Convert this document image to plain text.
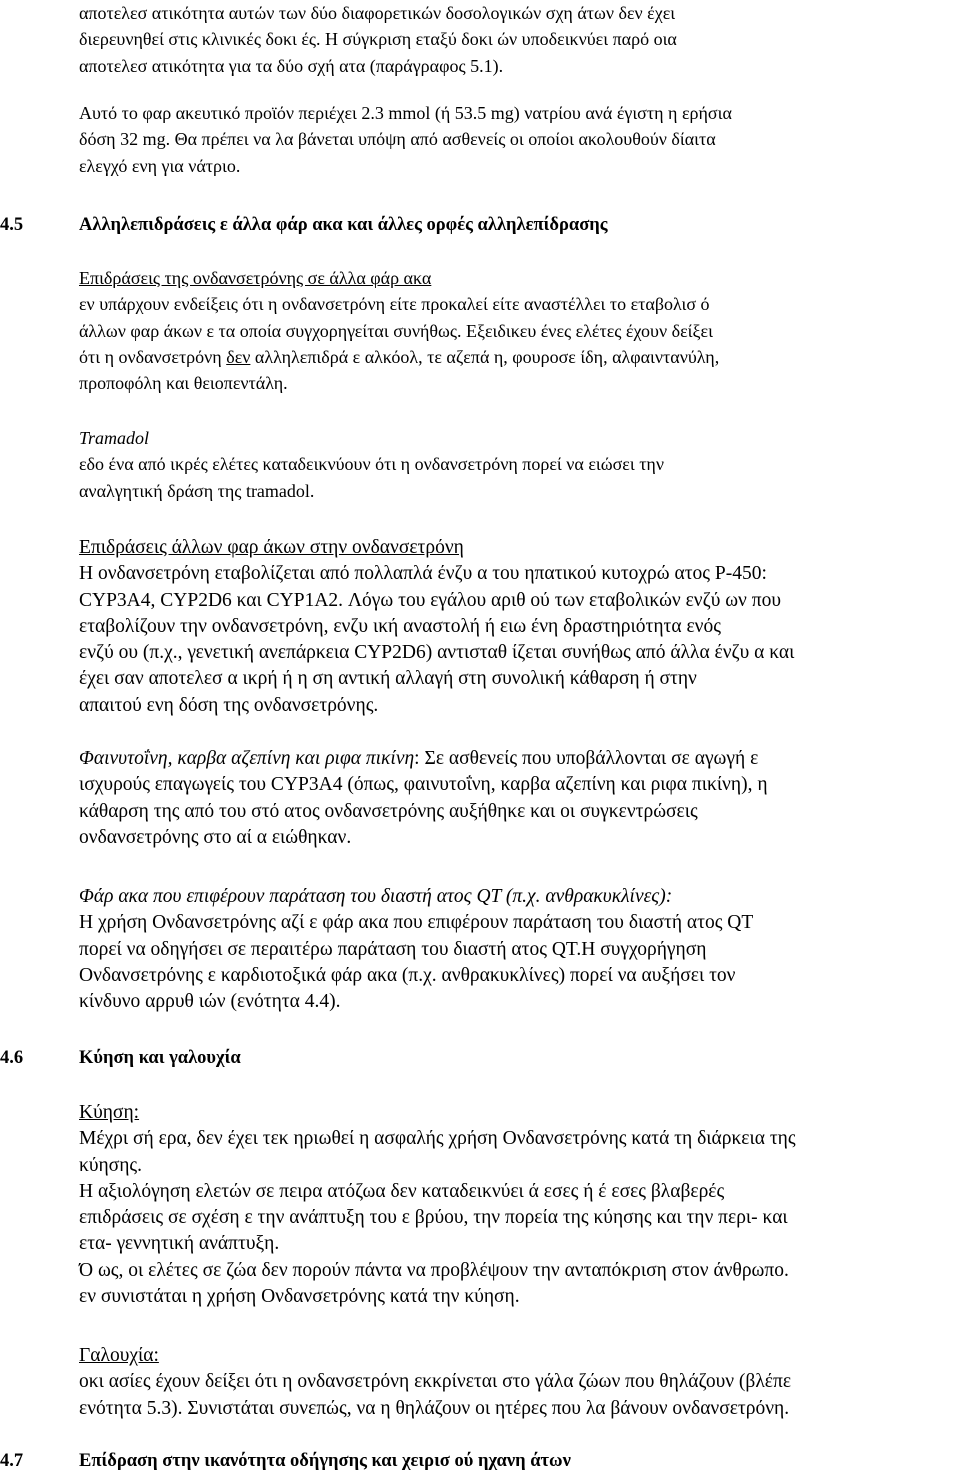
αποτελεσ ατικότητα αυτών των δύο διαφορετικών δοσολογικών σχη άτων δεν έχει
διερευνηθεί στις κλινικές δοκι ές. Η σύγκριση εταξύ δοκι ών υποδεικνύει παρό οια
αποτελεσ ατικότητα για τα δύο σχή ατα (παράγραφος 5.1).
Αυτό το φαρ ακευτικό προϊόν περιέχει 2.3 mmol (ή 53.5 mg) νατρίου ανά έγιστη η ερήσια
δόση 32 mg. Θα πρέπει να λα βάνεται υπόψη από ασθενείς οι οποίοι ακολουθούν δίαιτα
ελεγχό ενη για νάτριο.
4.5	Αλληλεπιδράσεις ε άλλα φάρ ακα και άλλες ορφές αλληλεπίδρασης
Επιδράσεις της ονδανσετρόνης σε άλλα φάρ ακα
εν υπάρχουν ενδείξεις ότι η ονδανσετρόνη είτε προκαλεί είτε αναστέλλει το εταβολισ ό
άλλων φαρ άκων ε τα οποία συγχορηγείται συνήθως. Εξειδικευ ένες ελέτες έχουν δείξει
ότι η ονδανσετρόνη δεν αλληλεπιδρά ε αλκόολ, τε αζεπά η, φουροσε ίδη, αλφαιντανύλη,
προποφόλη και θειοπεντάλη.
Tramadol
εδο ένα από ικρές ελέτες καταδεικνύουν ότι η ονδανσετρόνη πορεί να ειώσει την
αναλγητική δράση της tramadol.
Επιδράσεις άλλων φαρ άκων στην ονδανσετρόνη
Η ονδανσετρόνη εταβολίζεται από πολλαπλά ένζυ α του ηπατικού κυτοχρώ ατος P-450:
CYP3A4, CYP2D6 και CYP1A2. Λόγω του εγάλου αριθ ού των εταβολικών ενζύ ων που
εταβολίζουν την ονδανσετρόνη, ενζυ ική αναστολή ή ειω ένη δραστηριότητα ενός
ενζύ ου (π.χ., γενετική ανεπάρκεια CYP2D6) αντισταθ ίζεται συνήθως από άλλα ένζυ α και
έχει σαν αποτελεσ α ικρή ή η ση αντική αλλαγή στη συνολική κάθαρση ή στην
απαιτού ενη δόση της ονδανσετρόνης.
Φαινυτοΐνη, καρβα αζεπίνη και ριφα πικίνη: Σε ασθενείς που υποβάλλονται σε αγωγή ε
ισχυρούς επαγωγείς του CYP3A4 (όπως, φαινυτοΐνη, καρβα αζεπίνη και ριφα πικίνη), η
κάθαρση της από του στό ατος ονδανσετρόνης αυξήθηκε και οι συγκεντρώσεις
ονδανσετρόνης στο αί α ειώθηκαν.
Φάρ ακα που επιφέρουν παράταση του διαστή ατος QT (π.χ. ανθρακυκλίνες):
Η χρήση Ονδανσετρόνης αζί ε φάρ ακα που επιφέρουν παράταση του διαστή ατος QT
πορεί να οδηγήσει σε περαιτέρω παράταση του διαστή ατος QT.Η συγχορήγηση
Ονδανσετρόνης ε καρδιοτοξικά φάρ ακα (π.χ. ανθρακυκλίνες) πορεί να αυξήσει τον
κίνδυνο αρρυθ ιών (ενότητα 4.4).
4.6	Κύηση και γαλουχία
Κύηση:
Μέχρι σή ερα, δεν έχει τεκ ηριωθεί η ασφαλής χρήση Ονδανσετρόνης κατά τη διάρκεια της
κύησης.
Η αξιολόγηση ελετών σε πειρα ατόζωα δεν καταδεικνύει ά εσες ή έ εσες βλαβερές
επιδράσεις σε σχέση ε την ανάπτυξη του ε βρύου, την πορεία της κύησης και την περι- και
ετα- γεννητική ανάπτυξη.
Ό ως, οι ελέτες σε ζώα δεν πορούν πάντα να προβλέψουν την ανταπόκριση στον άνθρωπο.
εν συνιστάται η χρήση Ονδανσετρόνης κατά την κύηση.
Γαλουχία:
οκι ασίες έχουν δείξει ότι η ονδανσετρόνη εκκρίνεται στο γάλα ζώων που θηλάζουν (βλέπε
ενότητα 5.3). Συνιστάται συνεπώς, να η θηλάζουν οι ητέρες που λα βάνουν ονδανσετρόνη.
4.7	Επίδραση στην ικανότητα οδήγησης και χειρισ ού ηχανη άτων
